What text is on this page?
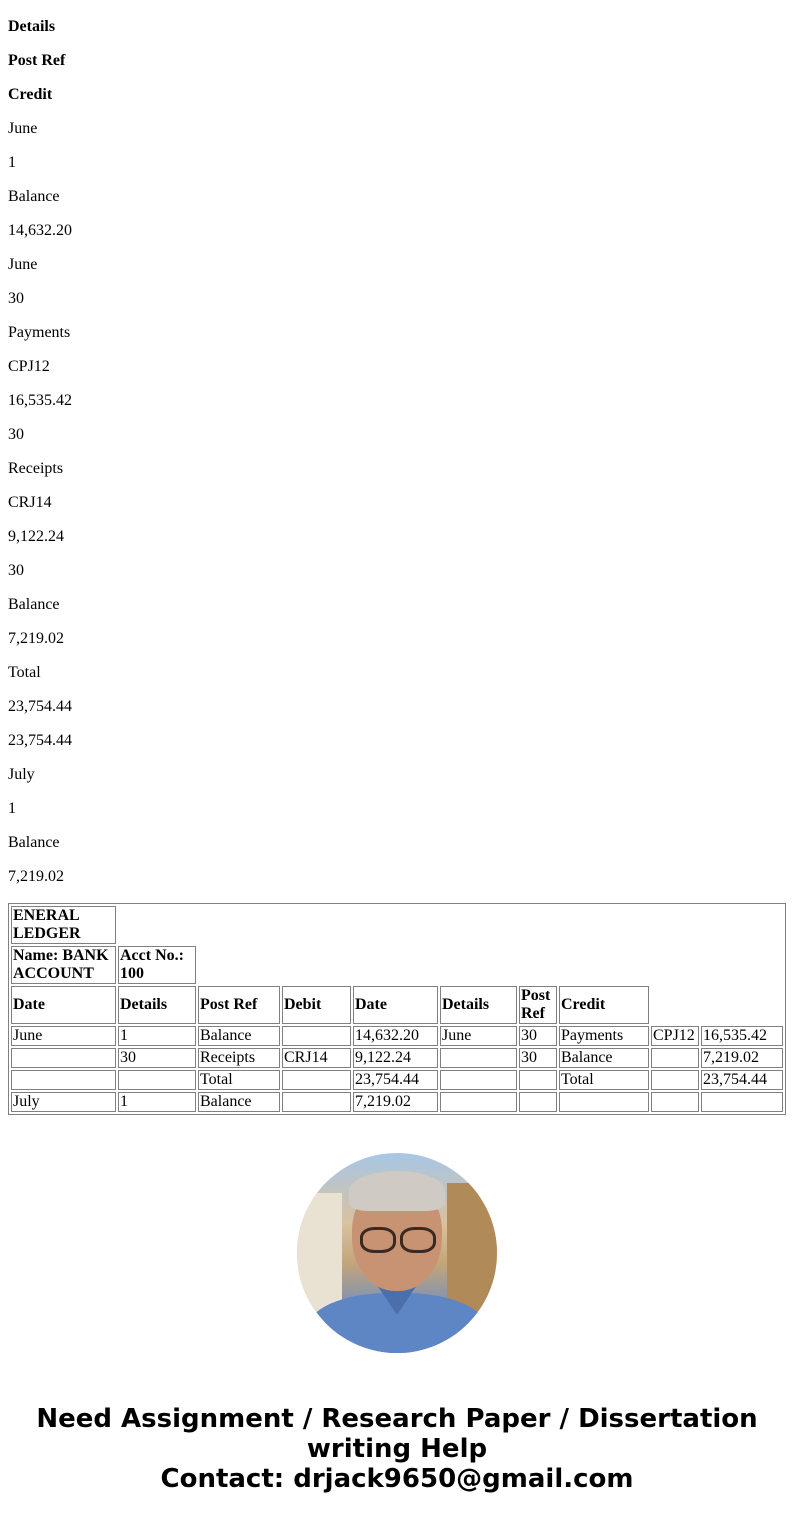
Details
Post Ref
Credit
June
1
Balance
14,632.20
June
30
Payments
CPJ12
16,535.42
30
Receipts
CRJ14
9,122.24
30
Balance
7,219.02
Total
23,754.44
23,754.44
July
1
Balance
7,219.02
ENERAL LEDGER									
Name: BANK ACCOUNT	Acct No.: 100								
Date	Details	Post Ref	Debit	Date	Details	Post Ref	Credit		
June	1	Balance		14,632.20	June	30	Payments	CPJ12	16,535.42
	30	Receipts	CRJ14	9,122.24		30	Balance		7,219.02
		Total		23,754.44			Total		23,754.44
July	1	Balance		7,219.02					
Need Assignment / Research Paper / Dissertation
writing Help
Contact: drjack9650@gmail.com
